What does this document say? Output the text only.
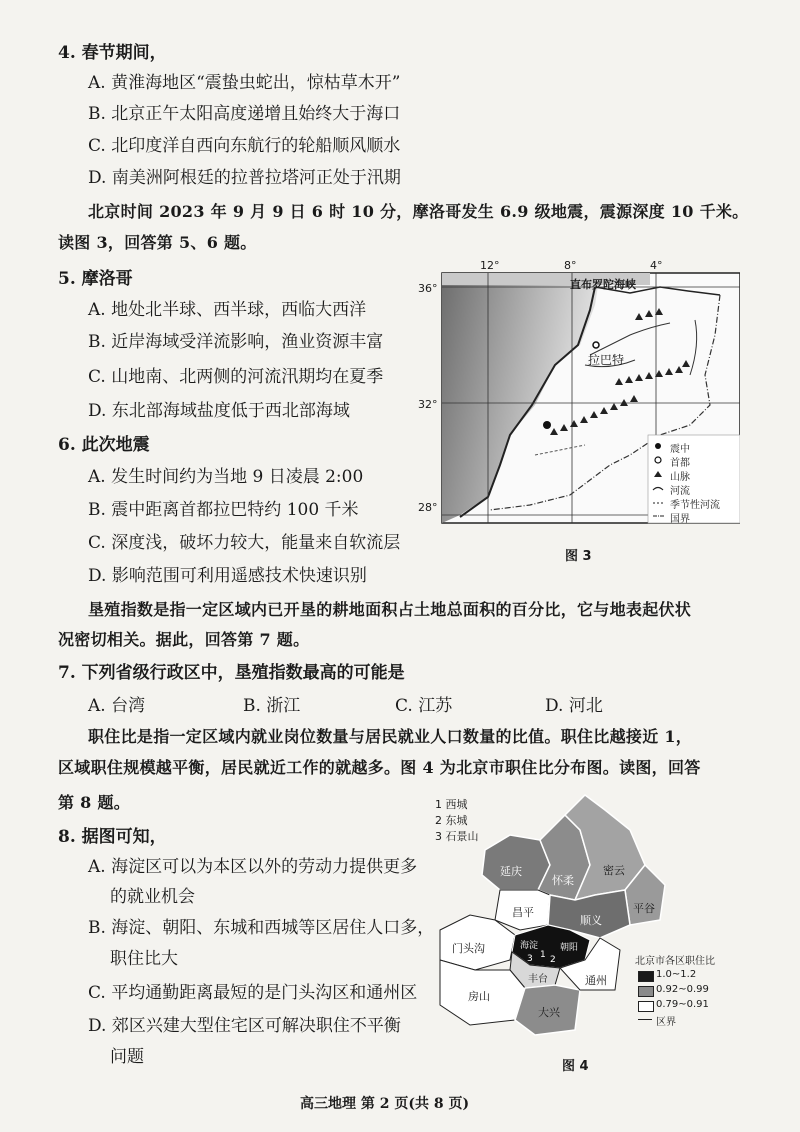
4. 春节期间，
A. 黄淮海地区“震蛰虫蛇出，惊枯草木开”
B. 北京正午太阳高度递增且始终大于海口
C. 北印度洋自西向东航行的轮船顺风顺水
D. 南美洲阿根廷的拉普拉塔河正处于汛期
北京时间 2023 年 9 月 9 日 6 时 10 分，摩洛哥发生 6.9 级地震，震源深度 10 千米。
读图 3，回答第 5、6 题。
5. 摩洛哥
A. 地处北半球、西半球，西临大西洋
B. 近岸海域受洋流影响，渔业资源丰富
C. 山地南、北两侧的河流汛期均在夏季
D. 东北部海域盐度低于西北部海域
6. 此次地震
A. 发生时间约为当地 9 日凌晨 2:00
B. 震中距离首都拉巴特约 100 千米
C. 深度浅，破坏力较大，能量来自软流层
D. 影响范围可利用遥感技术快速识别
12°	8°	4°
36°
32°
28°
直布罗陀海峡
拉巴特
震中
首都
山脉
河流
季节性河流
国界
图 3
垦殖指数是指一定区域内已开垦的耕地面积占土地总面积的百分比，它与地表起伏状
况密切相关。据此，回答第 7 题。
7. 下列省级行政区中，垦殖指数最高的可能是
A. 台湾	B. 浙江	C. 江苏	D. 河北
职住比是指一定区域内就业岗位数量与居民就业人口数量的比值。职住比越接近 1，
区域职住规模越平衡，居民就近工作的就越多。图 4 为北京市职住比分布图。读图，回答
第 8 题。
8. 据图可知，
A. 海淀区可以为本区以外的劳动力提供更多
的就业机会
B. 海淀、朝阳、东城和西城等区居住人口多，
职住比大
C. 平均通勤距离最短的是门头沟区和通州区
D. 郊区兴建大型住宅区可解决职住不平衡
问题
1 西城
2 东城
3 石景山
延庆
怀柔
密云
昌平
顺义
平谷
门头沟	海淀 朝阳
丰台
房山
大兴
通州
1 2
3	北京市各区职住比
1.0~1.2
0.92~0.99
0.79~0.91
区界
图 4
高三地理 第 2 页(共 8 页)
